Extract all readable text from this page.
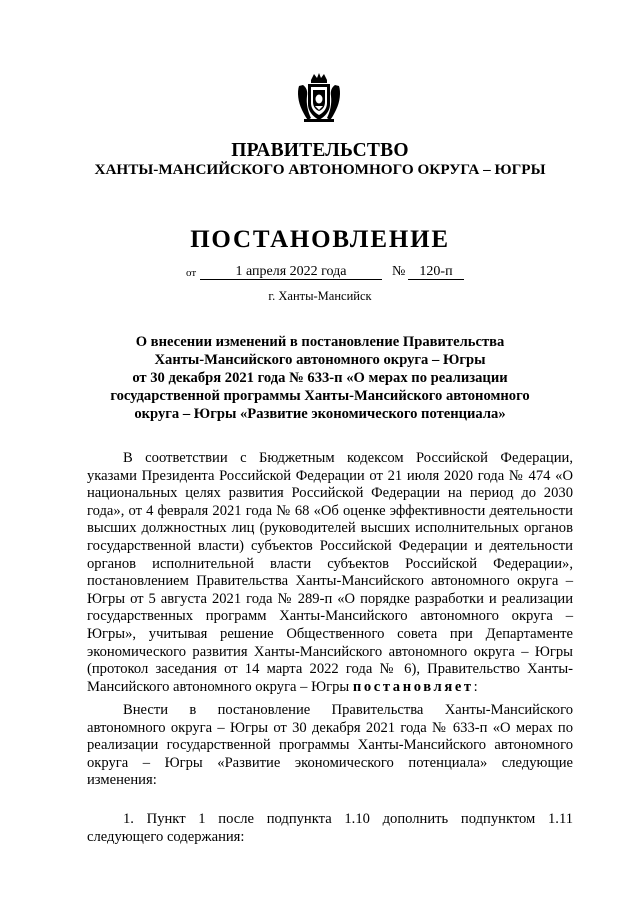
ПРАВИТЕЛЬСТВО
ХАНТЫ-МАНСИЙСКОГО АВТОНОМНОГО ОКРУГА – ЮГРЫ
ПОСТАНОВЛЕНИЕ
от	1 апреля 2022 года	№	120-п
г. Ханты-Мансийск
О внесении изменений в постановление Правительства
Ханты-Мансийского автономного округа – Югры
от 30 декабря 2021 года № 633-п «О мерах по реализации
государственной программы Ханты-Мансийского автономного
округа – Югры «Развитие экономического потенциала»
В соответствии с Бюджетным кодексом Российской Федерации, указами Президента Российской Федерации от 21 июля 2020 года № 474 «О национальных целях развития Российской Федерации на период до 2030 года», от 4 февраля 2021 года № 68 «Об оценке эффективности деятельности высших должностных лиц (руководителей высших исполнительных органов государственной власти) субъектов Российской Федерации и деятельности органов исполнительной власти субъектов Российской Федерации», постановлением Правительства Ханты-Мансийского автономного округа – Югры от 5 августа 2021 года № 289-п «О порядке разработки и реализации государственных программ Ханты-Мансийского автономного округа – Югры», учитывая решение Общественного совета при Департаменте экономического развития Ханты-Мансийского автономного округа – Югры (протокол заседания от 14 марта 2022 года № 6), Правительство Ханты-Мансийского автономного округа – Югры постановляет:
Внести в постановление Правительства Ханты-Мансийского автономного округа – Югры от 30 декабря 2021 года № 633-п «О мерах по реализации государственной программы Ханты-Мансийского автономного округа – Югры «Развитие экономического потенциала» следующие изменения:
1. Пункт 1 после подпункта 1.10 дополнить подпунктом 1.11 следующего содержания:
